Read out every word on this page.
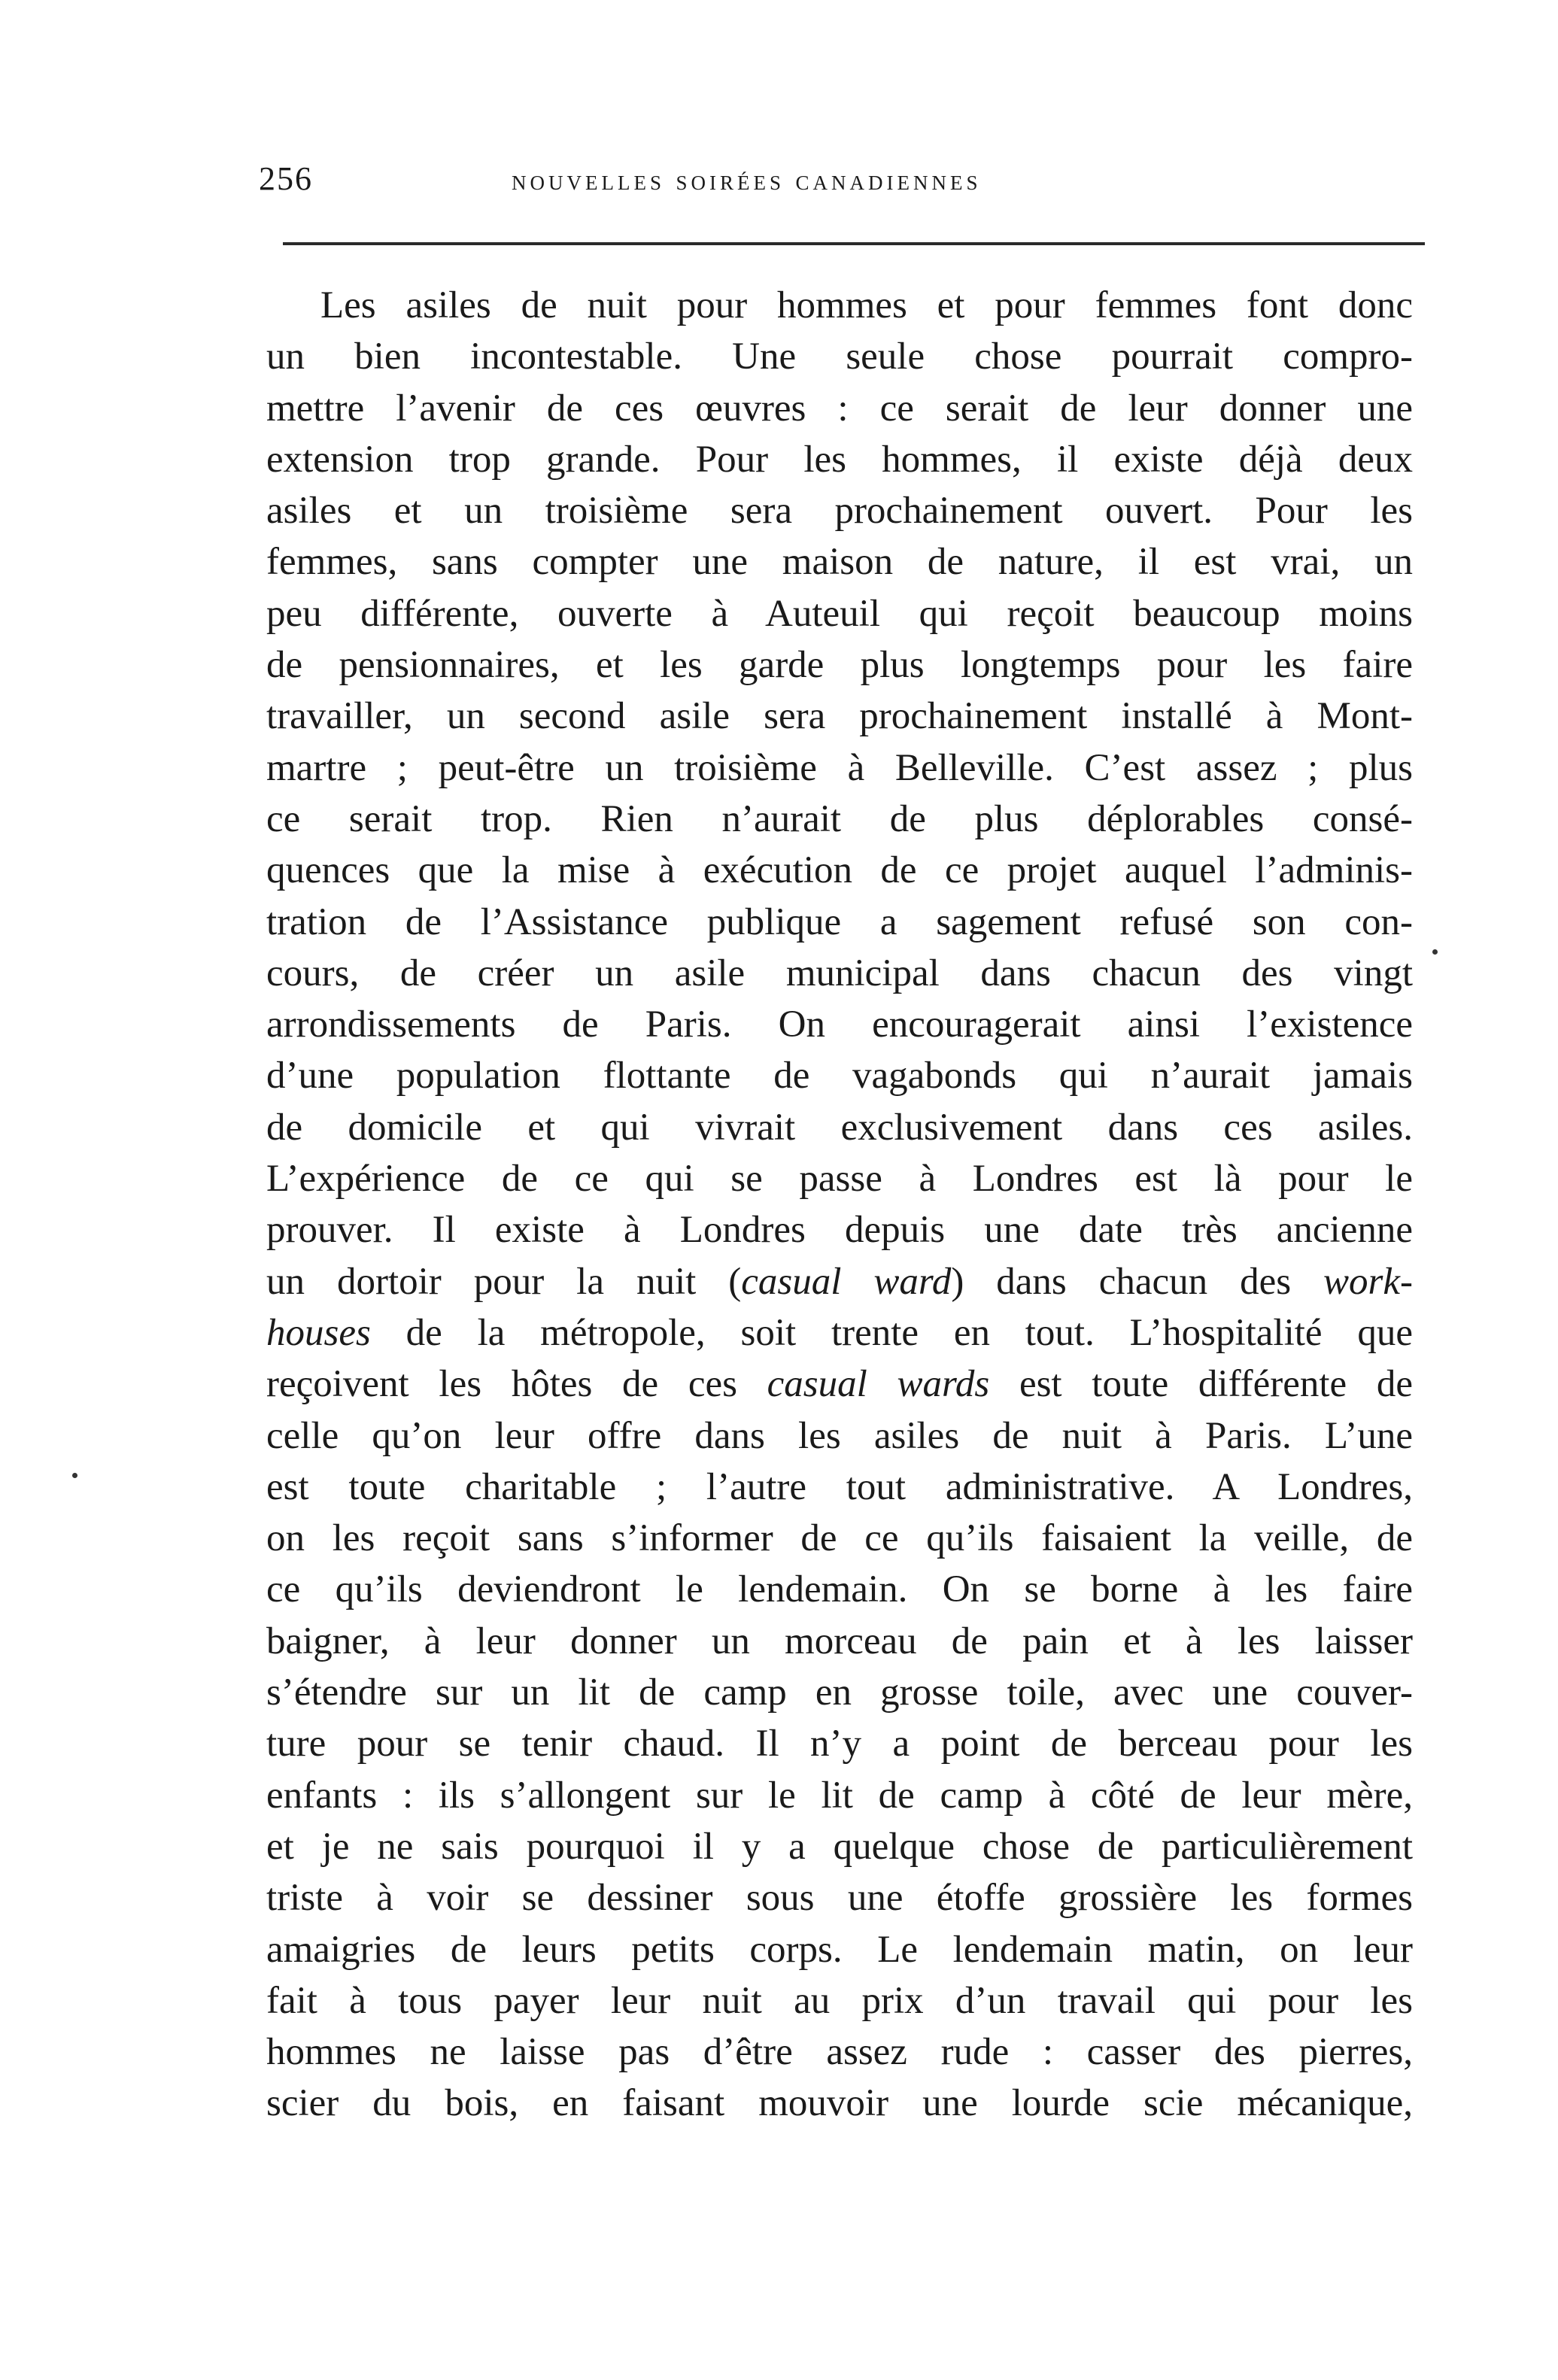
256	nouvelles soirées canadiennes
Les asiles de nuit pour hommes et pour femmes font donc
un bien incontestable. Une seule chose pourrait compro-
mettre l’avenir de ces œuvres : ce serait de leur donner une
extension trop grande. Pour les hommes, il existe déjà deux
asiles et un troisième sera prochainement ouvert. Pour les
femmes, sans compter une maison de nature, il est vrai, un
peu différente, ouverte à Auteuil qui reçoit beaucoup moins
de pensionnaires, et les garde plus longtemps pour les faire
travailler, un second asile sera prochainement installé à Mont-
martre ; peut-être un troisième à Belleville. C’est assez ; plus
ce serait trop. Rien n’aurait de plus déplorables consé-
quences que la mise à exécution de ce projet auquel l’adminis-
tration de l’Assistance publique a sagement refusé son con-
cours, de créer un asile municipal dans chacun des vingt
arrondissements de Paris. On encouragerait ainsi l’existence
d’une population flottante de vagabonds qui n’aurait jamais
de domicile et qui vivrait exclusivement dans ces asiles.
L’expérience de ce qui se passe à Londres est là pour le
prouver. Il existe à Londres depuis une date très ancienne
un dortoir pour la nuit (casual ward) dans chacun des work-
houses de la métropole, soit trente en tout. L’hospitalité que
reçoivent les hôtes de ces casual wards est toute différente de
celle qu’on leur offre dans les asiles de nuit à Paris. L’une
est toute charitable ; l’autre tout administrative. A Londres,
on les reçoit sans s’informer de ce qu’ils faisaient la veille, de
ce qu’ils deviendront le lendemain. On se borne à les faire
baigner, à leur donner un morceau de pain et à les laisser
s’étendre sur un lit de camp en grosse toile, avec une couver-
ture pour se tenir chaud. Il n’y a point de berceau pour les
enfants : ils s’allongent sur le lit de camp à côté de leur mère,
et je ne sais pourquoi il y a quelque chose de particulièrement
triste à voir se dessiner sous une étoffe grossière les formes
amaigries de leurs petits corps. Le lendemain matin, on leur
fait à tous payer leur nuit au prix d’un travail qui pour les
hommes ne laisse pas d’être assez rude : casser des pierres,
scier du bois, en faisant mouvoir une lourde scie mécanique,
